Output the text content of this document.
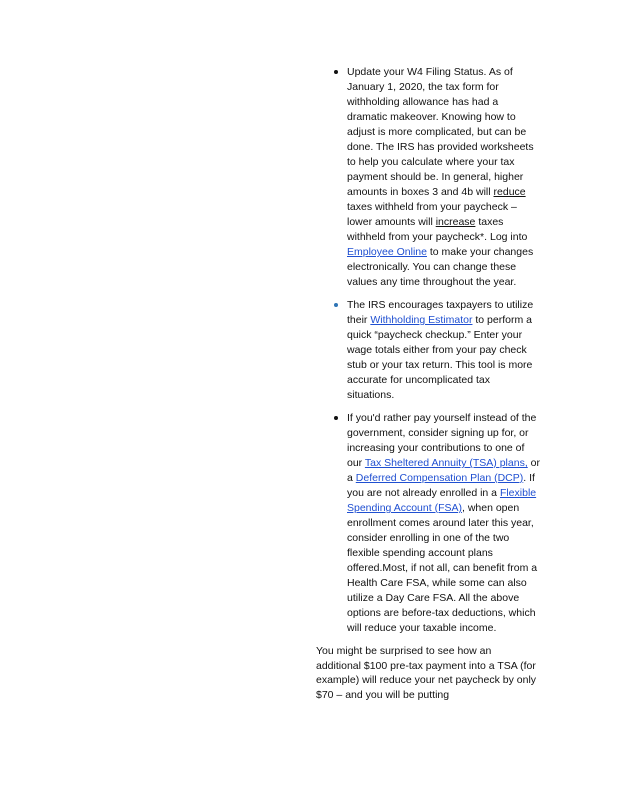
Update your W4 Filing Status. As of January 1, 2020, the tax form for withholding allowance has had a dramatic makeover. Knowing how to adjust is more complicated, but can be done. The IRS has provided worksheets to help you calculate where your tax payment should be. In general, higher amounts in boxes 3 and 4b will reduce taxes withheld from your paycheck – lower amounts will increase taxes withheld from your paycheck*. Log into Employee Online to make your changes electronically. You can change these values any time throughout the year.
The IRS encourages taxpayers to utilize their Withholding Estimator to perform a quick “paycheck checkup.” Enter your wage totals either from your pay check stub or your tax return. This tool is more accurate for uncomplicated tax situations.
If you'd rather pay yourself instead of the government, consider signing up for, or increasing your contributions to one of our Tax Sheltered Annuity (TSA) plans, or a Deferred Compensation Plan (DCP). If you are not already enrolled in a Flexible Spending Account (FSA), when open enrollment comes around later this year, consider enrolling in one of the two flexible spending account plans offered.Most, if not all, can benefit from a Health Care FSA, while some can also utilize a Day Care FSA. All the above options are before-tax deductions, which will reduce your taxable income.

You might be surprised to see how an additional $100 pre-tax payment into a TSA (for example) will reduce your net paycheck by only $70 – and you will be putting
